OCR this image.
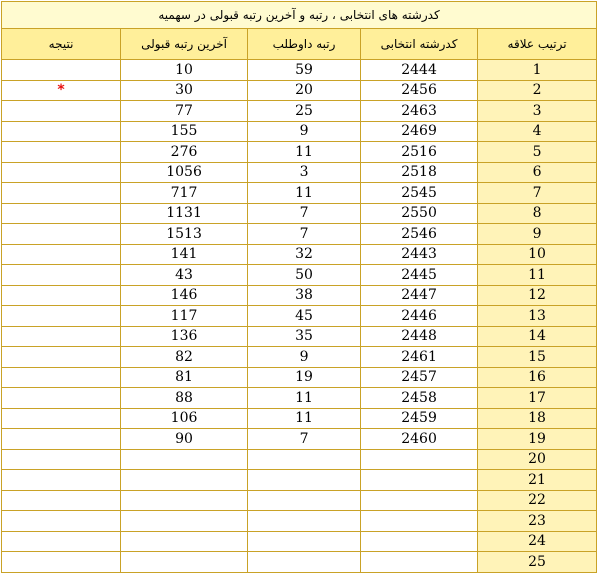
کدرشته های انتخابی ، رتبه و آخرین رتبه قبولی در سهمیه				
ترتیب علاقه	کدرشته انتخابی	رتبه داوطلب	آخرین رتبه قبولی	نتیجه
1	2444	59	10	
2	2456	20	30	*
3	2463	25	77	
4	2469	9	155	
5	2516	11	276	
6	2518	3	1056	
7	2545	11	717	
8	2550	7	1131	
9	2546	7	1513	
10	2443	32	141	
11	2445	50	43	
12	2447	38	146	
13	2446	45	117	
14	2448	35	136	
15	2461	9	82	
16	2457	19	81	
17	2458	11	88	
18	2459	11	106	
19	2460	7	90	
20				
21				
22				
23				
24				
25				
